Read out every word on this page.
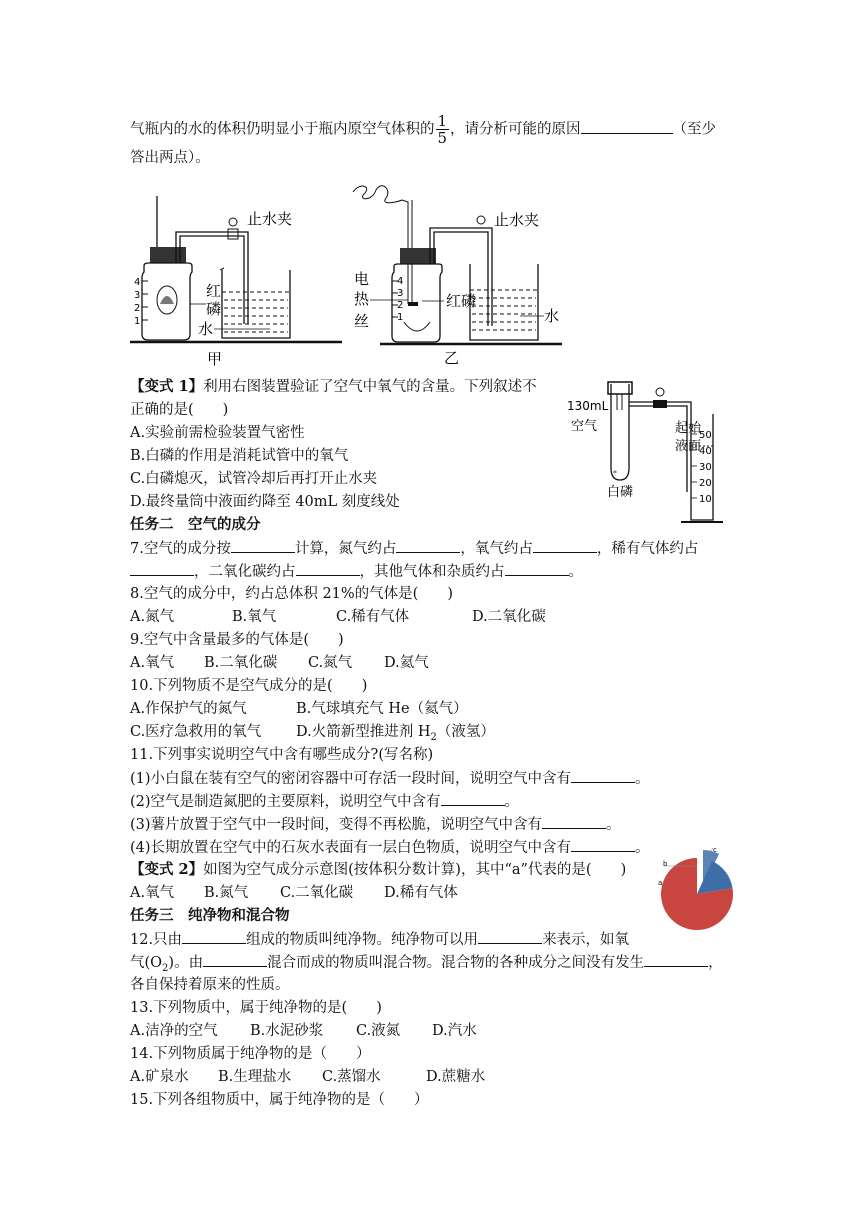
气瓶内的水的体积仍明显小于瓶内原空气体积的 $\frac{1}{5}$ ，请分析可能的原因	（至少
答出两点）。
4
3
2
1
止水夹
红
磷
水
甲
4
3
2
1
止水夹
电
热
丝
红磷
水
乙
【变式 1】利用右图装置验证了空气中氧气的含量。下列叙述不
正确的是(　　)
A.实验前需检验装置气密性
B.白磷的作用是消耗试管中的氧气
C.白磷熄灭，试管冷却后再打开止水夹
D.最终量筒中液面约降至 40mL 刻度线处
130mL
空气
*
白磷
起始
液面
50
40
30
20
10
任务二　空气的成分
7.空气的成分按	计算，氮气约占	，氧气约占	，稀有气体约占
，二氧化碳约占	，其他气体和杂质约占	。
8.空气的成分中，约占总体积 21%的气体是(　　)
A.氮气	B.氧气	C.稀有气体	D.二氧化碳
9.空气中含量最多的气体是(　　)
A.氧气 B.二氧化碳 C.氮气 D.氦气
10.下列物质不是空气成分的是(　　)
A.作保护气的氮气	B.气球填充气 He（氦气）
C.医疗急救用的氧气 D.火箭新型推进剂 $H_2$（液氢）
11.下列事实说明空气中含有哪些成分?(写名称)
(1)小白鼠在装有空气的密闭容器中可存活一段时间，说明空气中含有	。
(2)空气是制造氮肥的主要原料，说明空气中含有	。
(3)薯片放置于空气中一段时间，变得不再松脆，说明空气中含有	。
(4)长期放置在空气中的石灰水表面有一层白色物质，说明空气中含有	。
【变式 2】如图为空气成分示意图(按体积分数计算)，其中“a”代表的是(　　)
A.氧气 B.氮气 C.二氧化碳 D.稀有气体
a
b
c
任务三　纯净物和混合物
12.只由	组成的物质叫纯净物。纯净物可以用	来表示，如氧
气$(O_2)$。由	混合而成的物质叫混合物。混合物的各种成分之间没有发生	，
各自保持着原来的性质。
13.下列物质中，属于纯净物的是(　　)
A.洁净的空气 B.水泥砂浆 C.液氮 D.汽水
14.下列物质属于纯净物的是（　　）
A.矿泉水 B.生理盐水 C.蒸馏水	D.蔗糖水
15.下列各组物质中，属于纯净物的是（　　）
